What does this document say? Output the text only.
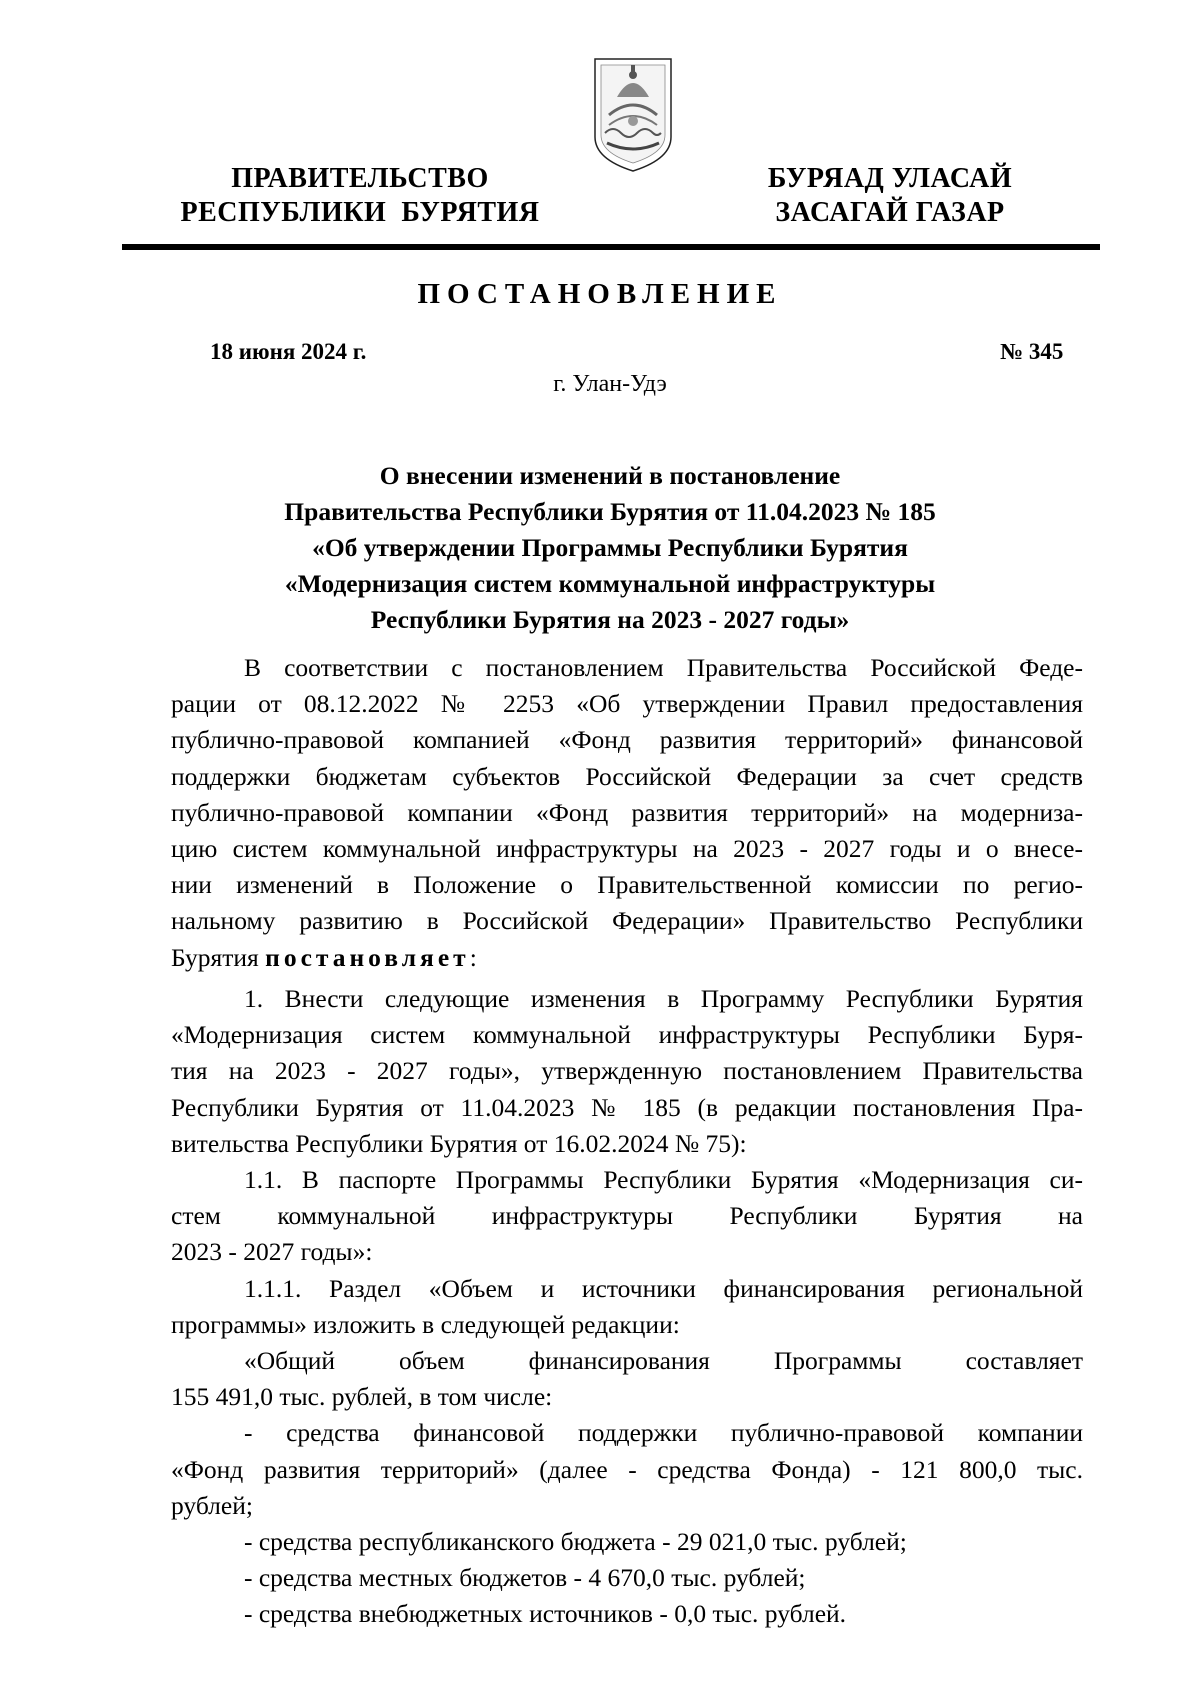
ПРАВИТЕЛЬСТВО
РЕСПУБЛИКИ  БУРЯТИЯ
БУРЯАД УЛАСАЙ
ЗАСАГАЙ ГАЗАР
ПОСТАНОВЛЕНИЕ
18 июня 2024 г.	№ 345
г. Улан-Удэ
О внесении изменений в постановление
Правительства Республики Бурятия от 11.04.2023 № 185
«Об утверждении Программы Республики Бурятия
«Модернизация систем коммунальной инфраструктуры
Республики Бурятия на 2023 - 2027 годы»
В соответствии с постановлением Правительства Российской Феде-
рации от 08.12.2022 № 2253 «Об утверждении Правил предоставления
публично-правовой компанией «Фонд развития территорий» финансовой
поддержки бюджетам субъектов Российской Федерации за счет средств
публично-правовой компании «Фонд развития территорий» на модерниза-
цию систем коммунальной инфраструктуры на 2023 - 2027 годы и о внесе-
нии изменений в Положение о Правительственной комиссии по регио-
нальному развитию в Российской Федерации» Правительство Республики
Бурятия постановляет:
1. Внести следующие изменения в Программу Республики Бурятия
«Модернизация систем коммунальной инфраструктуры Республики Буря-
тия на 2023 - 2027 годы», утвержденную постановлением Правительства
Республики Бурятия от 11.04.2023 № 185 (в редакции постановления Пра-
вительства Республики Бурятия от 16.02.2024 № 75):
1.1. В паспорте Программы Республики Бурятия «Модернизация си-
стем коммунальной инфраструктуры Республики Бурятия на
2023 - 2027 годы»:
1.1.1. Раздел «Объем и источники финансирования региональной
программы» изложить в следующей редакции:
«Общий объем финансирования Программы составляет
155 491,0 тыс. рублей, в том числе:
- средства финансовой поддержки публично-правовой компании
«Фонд развития территорий» (далее - средства Фонда) - 121 800,0 тыс.
рублей;
- средства республиканского бюджета - 29 021,0 тыс. рублей;
- средства местных бюджетов - 4 670,0 тыс. рублей;
- средства внебюджетных источников - 0,0 тыс. рублей.
